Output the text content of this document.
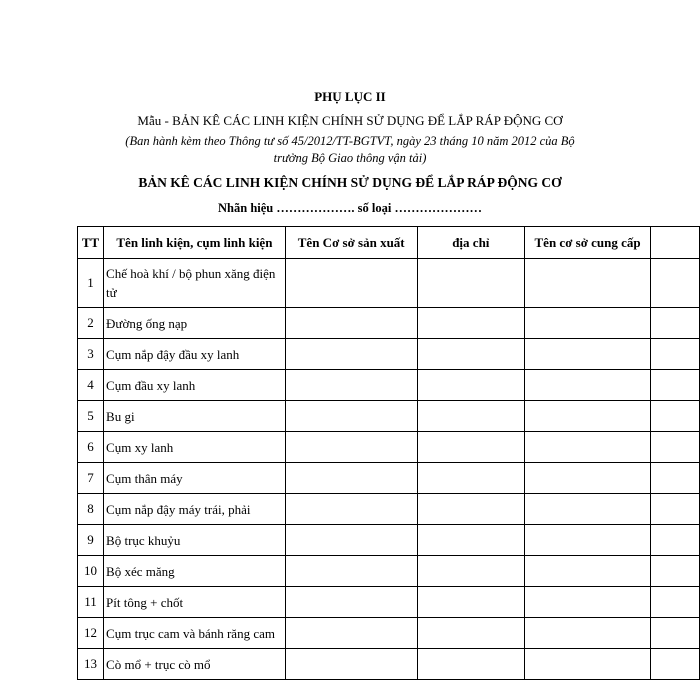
PHỤ LỤC II
Mẫu - BẢN KÊ CÁC LINH KIỆN CHÍNH SỬ DỤNG ĐỂ LẮP RÁP ĐỘNG CƠ
(Ban hành kèm theo Thông tư số 45/2012/TT-BGTVT, ngày 23 tháng 10 năm 2012 của Bộ
trưởng Bộ Giao thông vận tải)
BẢN KÊ CÁC LINH KIỆN CHÍNH SỬ DỤNG ĐỂ LẮP RÁP ĐỘNG CƠ
Nhãn hiệu ………………. số loại …………………
TT	Tên linh kiện, cụm linh kiện	Tên Cơ sở sản xuất	địa chỉ	Tên cơ sở cung cấp	
1	Chế hoà khí / bộ phun xăng điện tử				
2	Đường ống nạp				
3	Cụm nắp đậy đầu xy lanh				
4	Cụm đầu xy lanh				
5	Bu gi				
6	Cụm xy lanh				
7	Cụm thân máy				
8	Cụm nắp đậy máy trái, phải				
9	Bộ trục khuỷu				
10	Bộ xéc măng				
11	Pít tông + chốt				
12	Cụm trục cam và bánh răng cam				
13	Cò mổ + trục cò mổ				
